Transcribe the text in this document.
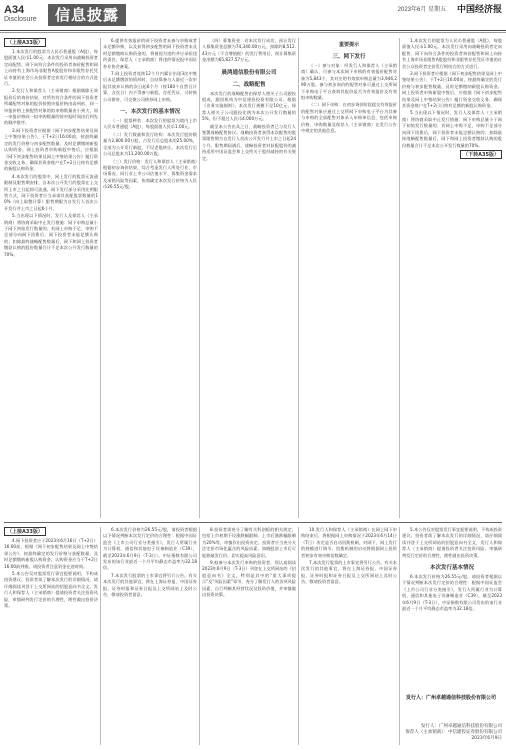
A34
Disclosure	信息披露	2023年6月 星期五 中国经济报
（上接A33版）

1.本次发行的股票为人民币普通股（A股），每股面值人民币1.00元。本次发行采用向战略投资者定向配售、网下向符合条件的投资者询价配售和网上向持有上海市场非限售A股股份和非限售存托凭证市值的社会公众投资者定价发行相结合的方式进行。

2.发行人和保荐人（主承销商）根据剔除无效报价后的询价结果，对所有符合条件的网下投资者所属配售对象的报价按照申报价格由高到低、同一申报价格上按配售对象的拟申购数量由小到大、同一申报价格同一拟申购数量的按申报时间由后到先的顺序排序。

3.网下投资者应根据《网下初步配售结果及网上中签结果公告》，于T+2日16:00前，按最终确定的发行价格与初步配售数量，及时足额缴纳新股认购资金。网上投资者申购新股中签后，应根据《网下初步配售结果及网上中签结果公告》履行资金交收义务，确保其资金账户在T+2日日终有足额的新股认购资金。

4.本次发行的股票中，网上发行的股票无流通限制及限售期安排，自本次公开发行的股票在上交所上市之日起即可流通。网下发行部分采用比例限售方式，网下投资者应当承诺其获配股票数量的10%（向上取整计算）限售期限为自发行人首次公开发行并上市之日起6个月。

5.当出现以下情况时，发行人及保荐人（主承销商）将协商采取中止发行措施：网下申购总量小于网下初始发行数量的；若网上申购不足，申购不足部分向网下回拨后，网下投资者未能足额认购的；扣除最终战略配售数量后，网下和网上投资者缴款认购的股份数量合计不足本次公开发行数量的70%。

6.提供有效报价的网下投资者未参与申购或者未足额申购，以及获得初步配售的网下投资者未及时足额缴纳认购资金的，将被视为违约并应承担违约责任，保荐人（主承销商）将违约情况报中国证券业协会备案。

7.网上投资者连续12个月内累计出现3次中签后未足额缴款的情形时，自结算参与人最近一次申报其放弃认购的次日起6个月（按180个自然日计算，含次日）内不得参与新股、存托凭证、可转换公司债券、可交换公司债券网上申购。

一、本次发行的基本情况

（一）股票种类：本次发行的股票为境内上市人民币普通股（A股），每股面值人民币1.00元。

（二）发行数量和发行结构：本次发行股份数量为2,800.00万股，占发行后总股本的25.00%，全部为公开发行新股，不设老股转让。本次发行后公司总股本为11,200.00万股。

（三）发行价格：发行人和保荐人（主承销商）根据初步询价结果，综合考虑发行人所处行业、市场情况、同行业上市公司估值水平、募集资金需求及承销风险等因素，协商确定本次发行价格为人民币26.55元/股。

（四）募集资金：若本次发行成功，预计发行人募集资金总额为74,340.00万元，扣除约8,512.43万元（不含增值税）的发行费用后，预计募集资金净额为65,827.57万元。

晨鸿通信股份有限公司
二、战略配售

本次发行的战略配售由保荐人相关子公司跟投组成，跟投机构为中信建投投资有限公司。根据《业务实施细则》，本次发行规模不足10亿元，保荐人相关子公司跟投比例为本次公开发行数量的5%，但不超过人民币4,000万元。

截至本公告出具之日，战略投资者已与发行人签署战略配售协议。战略投资者获得本次配售的股票限售期为自发行人首次公开发行并上市之日起24个月。限售期届满后，战略投资者对获配股份的减持适用中国证监会和上交所关于股份减持的有关规定。

重要提示
三、网下发行

（一）参与对象：经发行人和保荐人（主承销商）确认，可参与本次网下申购的有效报价配售对象为5,843个，其对应的有效拟申购总量为3,946,290万股。参与初步询价的配售对象可通过上交所网下申购电子平台查询其报价是否为有效报价及有效拟申购数量。

（二）网下申购：在初步询价阶段提交有效报价的配售对象应通过上交所网下申购电子平台为其参与申购的全部配售对象录入申购单信息，包括申购价格、申购数量及保荐人（主承销商）在发行公告中规定的其他信息。

1.本次发行的股票为人民币普通股（A股），每股面值人民币1.00元。本次发行采用向战略投资者定向配售、网下向符合条件的投资者询价配售和网上向持有上海市场非限售A股股份和非限售存托凭证市值的社会公众投资者定价发行相结合的方式进行。

3.网下投资者应根据《网下初步配售结果及网上中签结果公告》，于T+2日16:00前，按最终确定的发行价格与初步配售数量，及时足额缴纳新股认购资金。网上投资者申购新股中签后，应根据《网下初步配售结果及网上中签结果公告》履行资金交收义务，确保其资金账户在T+2日日终有足额的新股认购资金。

5.当出现以下情况时，发行人及保荐人（主承销商）将协商采取中止发行措施：网下申购总量小于网下初始发行数量的；若网上申购不足，申购不足部分向网下回拨后，网下投资者未能足额认购的；扣除最终战略配售数量后，网下和网上投资者缴款认购的股份数量合计不足本次公开发行数量的70%。

（下转A35版）
（上接A33版）

4.网下投资者应于2023年6月16日（T+2日）16:00前，根据《网下初步配售结果及网上中签结果公告》，按最终确定的发行价格与获配数量，及时足额缴纳新股认购资金。认购资金应当于T+2日16:00前到账。请投资者注意资金在途时间。

5.本公告仅对股票发行事宜扼要说明，不构成投资建议。投资者欲了解本次发行的详细情况，请仔细阅读刊登于上交所网站的招股意向书全文，发行人和保荐人（主承销商）提请投资者关注投资风险，审慎研判发行定价的合理性，理性做出投资决策。

6.本次发行价格为26.55元/股，请投资者根据以下情况判断本次发行定价的合理性：根据中国证监会《上市公司行业分类指引》，发行人所属行业为计算机、通信和其他电子设备制造业（C39），截至2023年6月9日（T-3日），中证指数有限公司发布的该行业最近一个月平均静态市盈率为32.18倍。

7.本次发行股票的上市事宜将另行公告。有关本次发行的其他事宜，将在上海证券报、中国证券报、证券时报和证券日报及上交所网站上及时公告，敬请投资者留意。

8.投资者需充分了解有关科创板的相关规定，包括上市初期不设涨跌幅限制、上市后涨跌幅限制为20%等，审慎作出投资决定。投资者应当充分关注定价市场化蕴含的风险因素，知晓股票上市后可能跌破发行价，切实提高风险意识。

9.拟参与本次发行申购的投资者，须认真阅读2023年6月9日（T-3日）刊登在上交所网站的《招股意向书》全文，特别是其中的"重大事项提示"及"风险因素"章节，充分了解发行人的各项风险因素，自行判断其经营状况及投资价值，并审慎做出投资决策。

10.发行人和保荐人（主承销商）在网上网下申购结束后，将根据网上申购情况于2023年6月14日（T日）决定是否启动回拨机制，对网下、网上发行的规模进行调节。回拨机制的启动将根据网上投资者初步有效申购倍数确定。

7.本次发行股票的上市事宜将另行公告。有关本次发行的其他事宜，将在上海证券报、中国证券报、证券时报和证券日报及上交所网站上及时公告，敬请投资者留意。

5.本公告仅对股票发行事宜扼要说明，不构成投资建议。投资者欲了解本次发行的详细情况，请仔细阅读刊登于上交所网站的招股意向书全文，发行人和保荐人（主承销商）提请投资者关注投资风险，审慎研判发行定价的合理性，理性做出投资决策。

本次发行基本情况

6.本次发行价格为26.55元/股，请投资者根据以下情况判断本次发行定价的合理性：根据中国证监会《上市公司行业分类指引》，发行人所属行业为计算机、通信和其他电子设备制造业（C39），截至2023年6月9日（T-3日），中证指数有限公司发布的该行业最近一个月平均静态市盈率为32.18倍。

发行人：广州卓越通信科技股份有限公司
发行人：广州卓越通信科技股份有限公司
保荐人（主承销商）：中信建投证券股份有限公司
2023年6月9日
